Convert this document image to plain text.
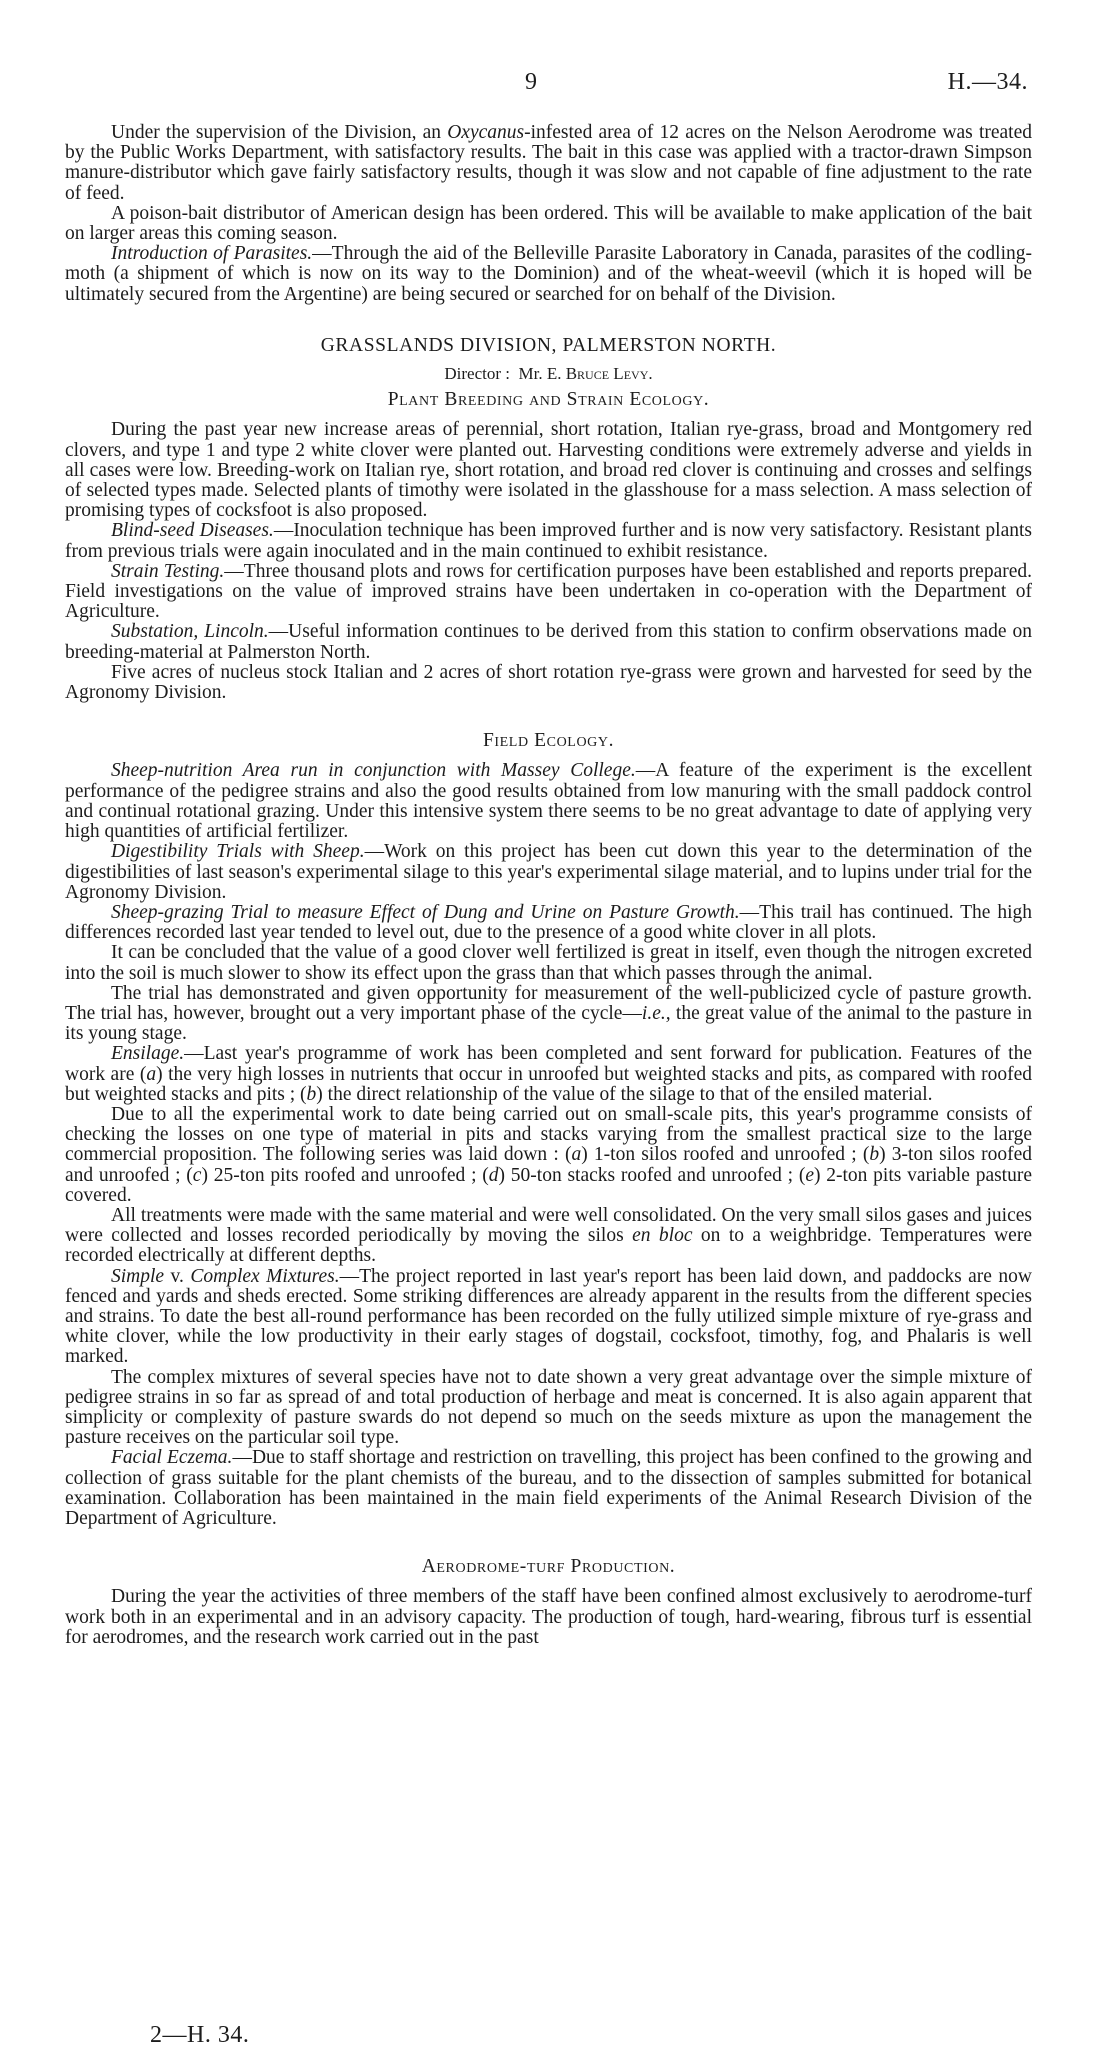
9	H.—34.

Under the supervision of the Division, an Oxycanus-infested area of 12 acres on the Nelson Aerodrome was treated by the Public Works Department, with satisfactory results. The bait in this case was applied with a tractor-drawn Simpson manure-distributor which gave fairly satisfactory results, though it was slow and not capable of fine adjustment to the rate of feed.

A poison-bait distributor of American design has been ordered. This will be available to make application of the bait on larger areas this coming season.

Introduction of Parasites.—Through the aid of the Belleville Parasite Laboratory in Canada, parasites of the codling-moth (a shipment of which is now on its way to the Dominion) and of the wheat-weevil (which it is hoped will be ultimately secured from the Argentine) are being secured or searched for on behalf of the Division.

GRASSLANDS DIVISION, PALMERSTON NORTH.
Director : Mr. E. Bruce Levy.
Plant Breeding and Strain Ecology.

During the past year new increase areas of perennial, short rotation, Italian rye-grass, broad and Montgomery red clovers, and type 1 and type 2 white clover were planted out. Harvesting conditions were extremely adverse and yields in all cases were low. Breeding-work on Italian rye, short rotation, and broad red clover is continuing and crosses and selfings of selected types made. Selected plants of timothy were isolated in the glasshouse for a mass selection. A mass selection of promising types of cocksfoot is also proposed.

Blind-seed Diseases.—Inoculation technique has been improved further and is now very satisfactory. Resistant plants from previous trials were again inoculated and in the main continued to exhibit resistance.

Strain Testing.—Three thousand plots and rows for certification purposes have been established and reports prepared. Field investigations on the value of improved strains have been undertaken in co-operation with the Department of Agriculture.

Substation, Lincoln.—Useful information continues to be derived from this station to confirm observations made on breeding-material at Palmerston North.

Five acres of nucleus stock Italian and 2 acres of short rotation rye-grass were grown and harvested for seed by the Agronomy Division.

Field Ecology.

Sheep-nutrition Area run in conjunction with Massey College.—A feature of the experiment is the excellent performance of the pedigree strains and also the good results obtained from low manuring with the small paddock control and continual rotational grazing. Under this intensive system there seems to be no great advantage to date of applying very high quantities of artificial fertilizer.

Digestibility Trials with Sheep.—Work on this project has been cut down this year to the determination of the digestibilities of last season's experimental silage to this year's experimental silage material, and to lupins under trial for the Agronomy Division.

Sheep-grazing Trial to measure Effect of Dung and Urine on Pasture Growth.—This trail has continued. The high differences recorded last year tended to level out, due to the presence of a good white clover in all plots.

It can be concluded that the value of a good clover well fertilized is great in itself, even though the nitrogen excreted into the soil is much slower to show its effect upon the grass than that which passes through the animal.

The trial has demonstrated and given opportunity for measurement of the well-publicized cycle of pasture growth. The trial has, however, brought out a very important phase of the cycle—i.e., the great value of the animal to the pasture in its young stage.

Ensilage.—Last year's programme of work has been completed and sent forward for publication. Features of the work are (a) the very high losses in nutrients that occur in unroofed but weighted stacks and pits, as compared with roofed but weighted stacks and pits ; (b) the direct relationship of the value of the silage to that of the ensiled material.

Due to all the experimental work to date being carried out on small-scale pits, this year's programme consists of checking the losses on one type of material in pits and stacks varying from the smallest practical size to the large commercial proposition. The following series was laid down : (a) 1-ton silos roofed and unroofed ; (b) 3-ton silos roofed and unroofed ; (c) 25-ton pits roofed and unroofed ; (d) 50-ton stacks roofed and unroofed ; (e) 2-ton pits variable pasture covered.

All treatments were made with the same material and were well consolidated. On the very small silos gases and juices were collected and losses recorded periodically by moving the silos en bloc on to a weighbridge. Temperatures were recorded electrically at different depths.

Simple v. Complex Mixtures.—The project reported in last year's report has been laid down, and paddocks are now fenced and yards and sheds erected. Some striking differences are already apparent in the results from the different species and strains. To date the best all-round performance has been recorded on the fully utilized simple mixture of rye-grass and white clover, while the low productivity in their early stages of dogstail, cocksfoot, timothy, fog, and Phalaris is well marked.

The complex mixtures of several species have not to date shown a very great advantage over the simple mixture of pedigree strains in so far as spread of and total production of herbage and meat is concerned. It is also again apparent that simplicity or complexity of pasture swards do not depend so much on the seeds mixture as upon the management the pasture receives on the particular soil type.

Facial Eczema.—Due to staff shortage and restriction on travelling, this project has been confined to the growing and collection of grass suitable for the plant chemists of the bureau, and to the dissection of samples submitted for botanical examination. Collaboration has been maintained in the main field experiments of the Animal Research Division of the Department of Agriculture.

Aerodrome-turf Production.

During the year the activities of three members of the staff have been confined almost exclusively to aerodrome-turf work both in an experimental and in an advisory capacity. The production of tough, hard-wearing, fibrous turf is essential for aerodromes, and the research work carried out in the past

2—H. 34.
